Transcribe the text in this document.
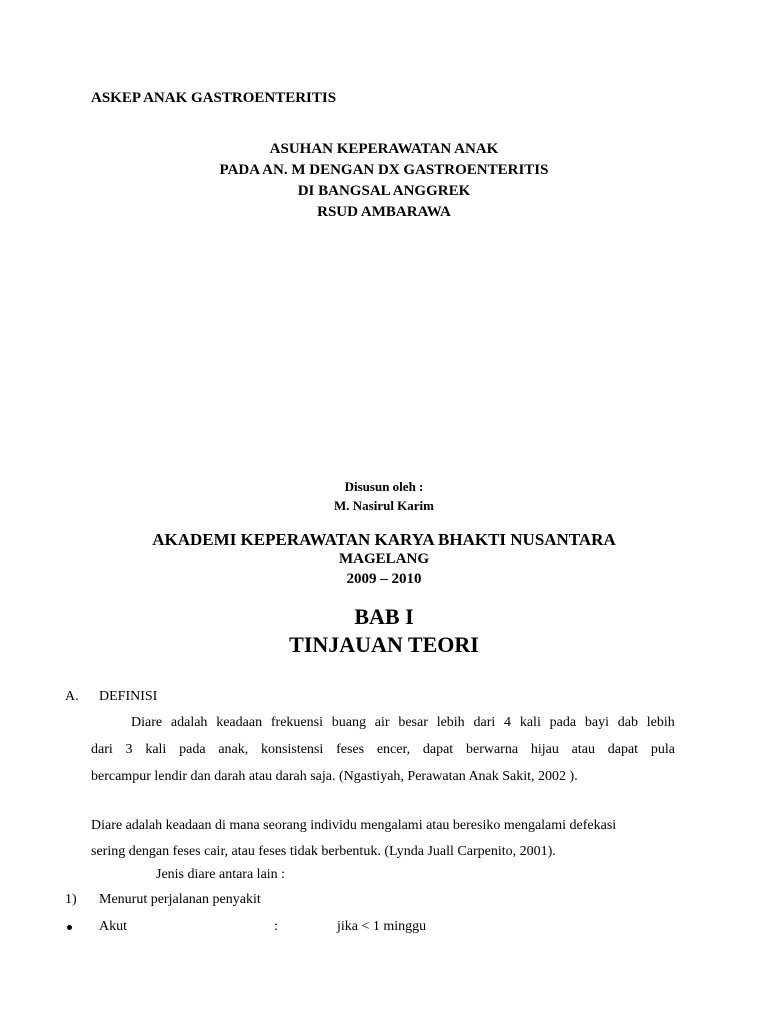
ASKEP ANAK GASTROENTERITIS
ASUHAN KEPERAWATAN ANAK
PADA AN. M DENGAN DX GASTROENTERITIS
DI BANGSAL ANGGREK
RSUD AMBARAWA
Disusun oleh :
M. Nasirul Karim
AKADEMI KEPERAWATAN KARYA BHAKTI NUSANTARA
MAGELANG
2009 – 2010
BAB I
TINJAUAN TEORI
A. DEFINISI
Diare adalah keadaan frekuensi buang air besar lebih dari 4 kali pada bayi dab lebih
dari 3 kali pada anak, konsistensi feses encer, dapat berwarna hijau atau dapat pula
bercampur lendir dan darah atau darah saja. (Ngastiyah, Perawatan Anak Sakit, 2002 ).
Diare adalah keadaan di mana seorang individu mengalami atau beresiko mengalami defekasi
sering dengan feses cair, atau feses tidak berbentuk. (Lynda Juall Carpenito, 2001).
Jenis diare antara lain :
1) Menurut perjalanan penyakit
Akut	:	jika < 1 minggu
